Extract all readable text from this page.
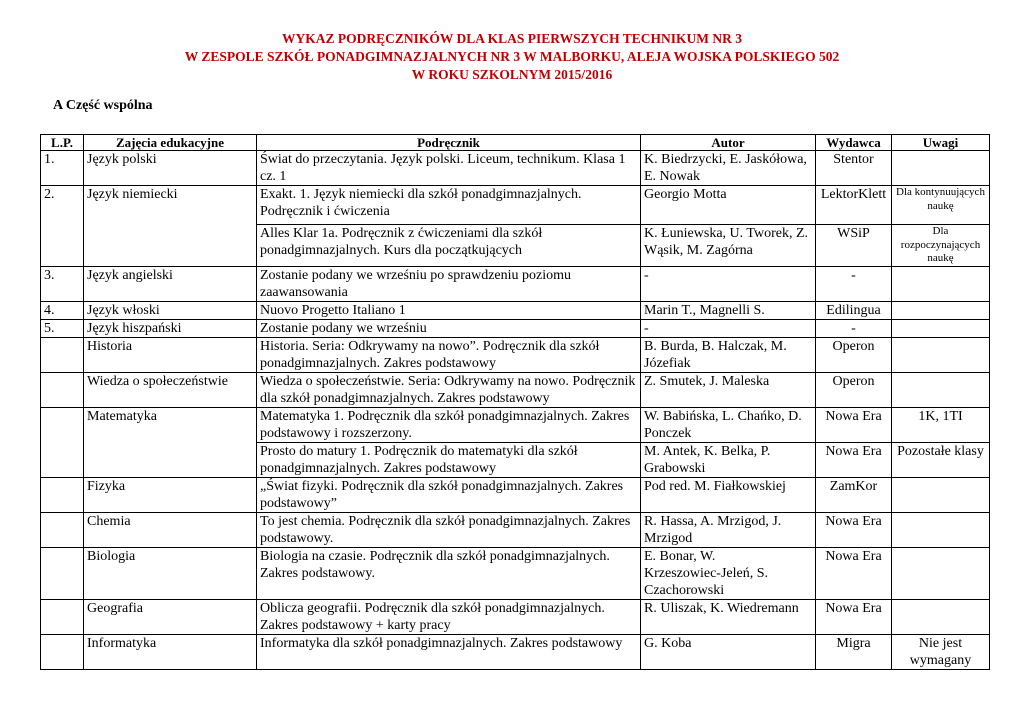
WYKAZ PODRĘCZNIKÓW DLA KLAS PIERWSZYCH TECHNIKUM NR 3
W ZESPOLE SZKÓŁ PONADGIMNAZJALNYCH NR 3 W MALBORKU, ALEJA WOJSKA POLSKIEGO 502
W ROKU SZKOLNYM 2015/2016
A Część wspólna
L.P.	Zajęcia edukacyjne	Podręcznik	Autor	Wydawca	Uwagi
1.	Język polski	Świat do przeczytania. Język polski. Liceum, technikum. Klasa 1 cz. 1	K. Biedrzycki, E. Jaskółowa, E. Nowak	Stentor	
2.	Język niemiecki	Exakt. 1. Język niemiecki dla szkół ponadgimnazjalnych. Podręcznik i ćwiczenia	Georgio Motta	LektorKlett	Dla kontynuujących naukę
		Alles Klar 1a. Podręcznik z ćwiczeniami dla szkół ponadgimnazjalnych. Kurs dla początkujących	K. Łuniewska, U. Tworek, Z. Wąsik, M. Zagórna	WSiP	Dla rozpoczynających naukę
3.	Język angielski	Zostanie podany we wrześniu po sprawdzeniu poziomu zaawansowania	-	-	
4.	Język włoski	Nuovo Progetto Italiano 1	Marin T., Magnelli S.	Edilingua	
5.	Język hiszpański	Zostanie podany we wrześniu	-	-	
	Historia	Historia. Seria: Odkrywamy na nowo”. Podręcznik dla szkół ponadgimnazjalnych. Zakres podstawowy	B. Burda, B. Halczak, M. Józefiak	Operon	
	Wiedza o społeczeństwie	Wiedza o społeczeństwie. Seria: Odkrywamy na nowo. Podręcznik dla szkół ponadgimnazjalnych. Zakres podstawowy	Z. Smutek, J. Maleska	Operon	
	Matematyka	Matematyka 1. Podręcznik dla szkół ponadgimnazjalnych. Zakres podstawowy i rozszerzony.	W. Babińska, L. Chańko, D. Ponczek	Nowa Era	1K, 1TI
		Prosto do matury 1. Podręcznik do matematyki dla szkół ponadgimnazjalnych. Zakres podstawowy	M. Antek, K. Belka, P. Grabowski	Nowa Era	Pozostałe klasy
	Fizyka	„Świat fizyki. Podręcznik dla szkół ponadgimnazjalnych. Zakres podstawowy”	Pod red. M. Fiałkowskiej	ZamKor	
	Chemia	To jest chemia. Podręcznik dla szkół ponadgimnazjalnych. Zakres podstawowy.	R. Hassa, A. Mrzigod, J. Mrzigod	Nowa Era	
	Biologia	Biologia na czasie. Podręcznik dla szkół ponadgimnazjalnych. Zakres podstawowy.	E. Bonar, W. Krzeszowiec-Jeleń, S. Czachorowski	Nowa Era	
	Geografia	Oblicza geografii. Podręcznik dla szkół ponadgimnazjalnych. Zakres podstawowy + karty pracy	R. Uliszak, K. Wiedremann	Nowa Era	
	Informatyka	Informatyka dla szkół ponadgimnazjalnych. Zakres podstawowy	G. Koba	Migra	Nie jest wymagany
